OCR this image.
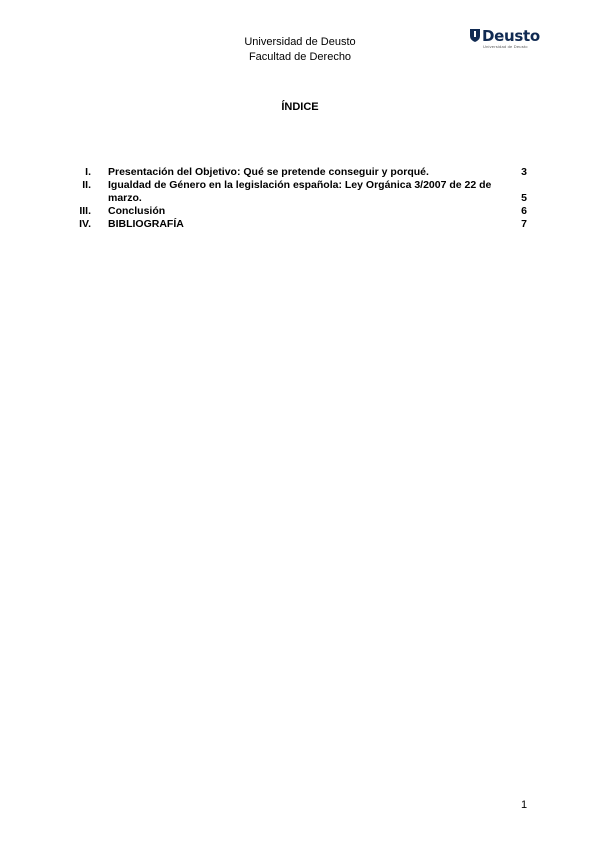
Universidad de Deusto
Facultad de Derecho
Deusto
Universidad de Deusto
ÍNDICE
I. Presentación del Objetivo: Qué se pretende conseguir y porqué.	3
II. Igualdad de Género en la legislación española: Ley Orgánica 3/2007 de 22 de marzo.	5
III. Conclusión	6
IV. BIBLIOGRAFÍA	7
1
